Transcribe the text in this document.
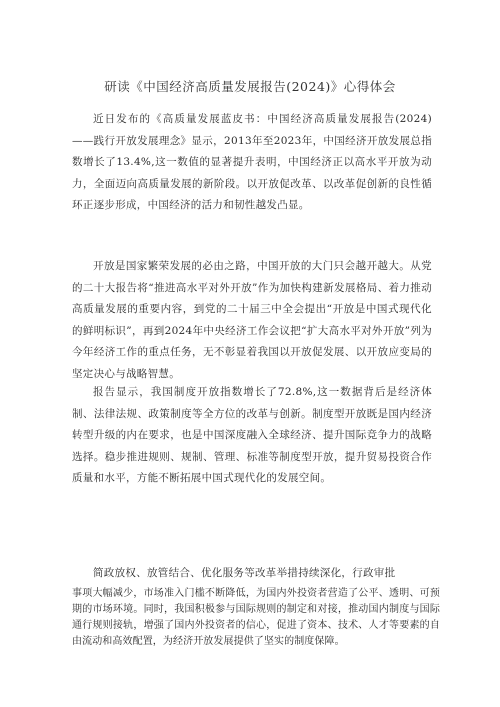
研读《中国经济高质量发展报告(2024)》心得体会

近日发布的《高质量发展蓝皮书：中国经济高质量发展报告(2024)——践行开放发展理念》显示，2013年至2023年，中国经济开放发展总指数增长了13.4%,这一数值的显著提升表明，中国经济正以高水平开放为动力，全面迈向高质量发展的新阶段。以开放促改革、以改革促创新的良性循环正逐步形成，中国经济的活力和韧性越发凸显。

开放是国家繁荣发展的必由之路，中国开放的大门只会越开越大。从党的二十大报告将“推进高水平对外开放”作为加快构建新发展格局、着力推动高质量发展的重要内容，到党的二十届三中全会提出“开放是中国式现代化的鲜明标识”，再到2024年中央经济工作会议把“扩大高水平对外开放”列为今年经济工作的重点任务，无不彰显着我国以开放促发展、以开放应变局的坚定决心与战略智慧。

报告显示，我国制度开放指数增长了72.8%,这一数据背后是经济体制、法律法规、政策制度等全方位的改革与创新。制度型开放既是国内经济转型升级的内在要求，也是中国深度融入全球经济、提升国际竞争力的战略选择。稳步推进规则、规制、管理、标准等制度型开放，提升贸易投资合作质量和水平，方能不断拓展中国式现代化的发展空间。

简政放权、放管结合、优化服务等改革举措持续深化，行政审批

事项大幅减少，市场准入门槛不断降低，为国内外投资者营造了公平、透明、可预期的市场环境。同时，我国积极参与国际规则的制定和对接，推动国内制度与国际通行规则接轨，增强了国内外投资者的信心，促进了资本、技术、人才等要素的自由流动和高效配置，为经济开放发展提供了坚实的制度保障。
